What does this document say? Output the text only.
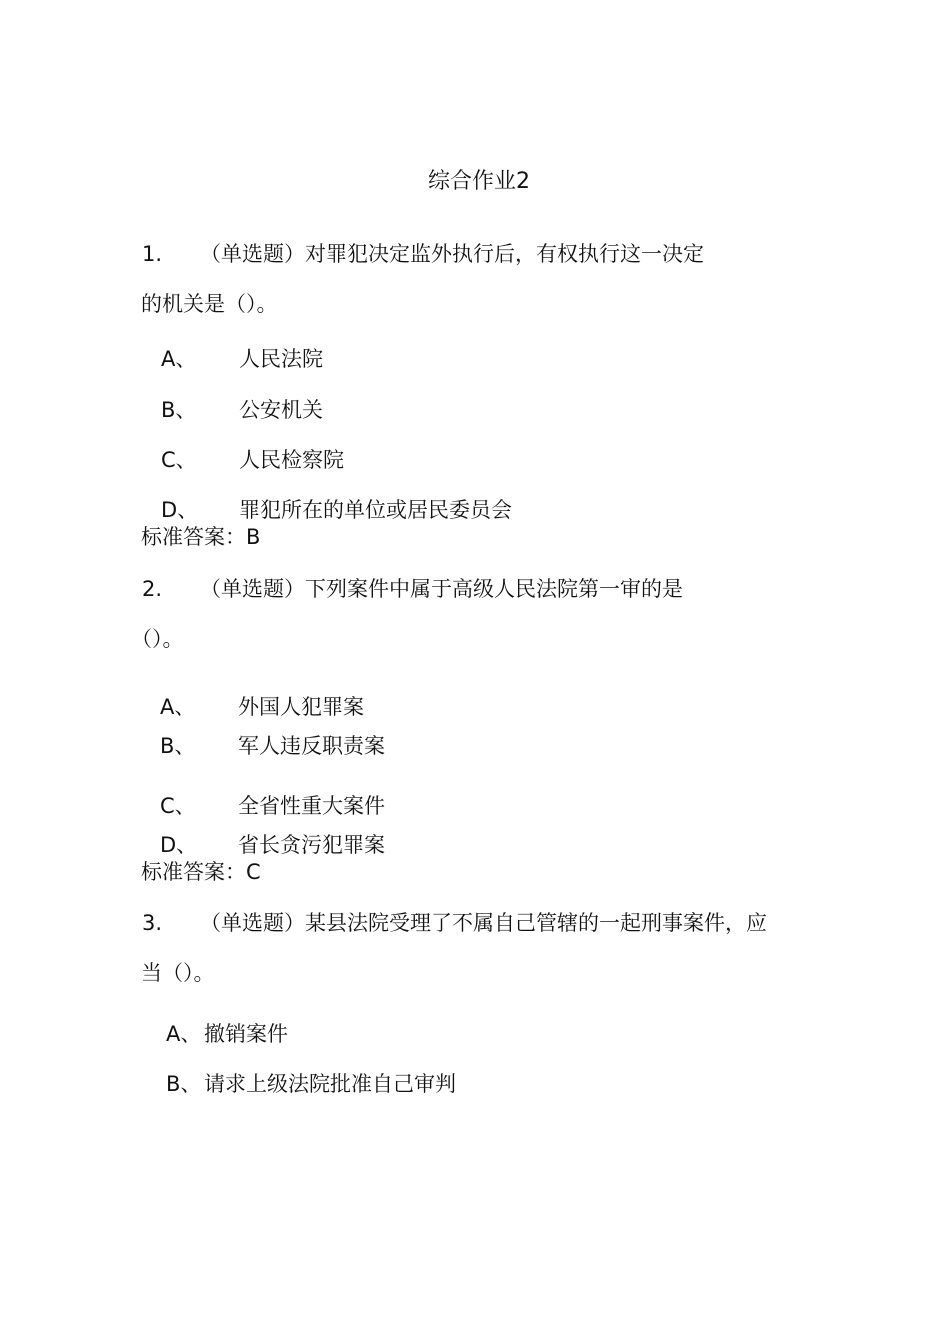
综合作业2
1. （单选题）对罪犯决定监外执行后，有权执行这一决定
的机关是（）。
A、 人民法院
B、 公安机关
C、 人民检察院
D、 罪犯所在的单位或居民委员会
标准答案：B
2. （单选题）下列案件中属于高级人民法院第一审的是
（）。
A、 外国人犯罪案
B、 军人违反职责案
C、 全省性重大案件
D、 省长贪污犯罪案
标准答案：C
3. （单选题）某县法院受理了不属自己管辖的一起刑事案件，应
当（）。
A、 撤销案件
B、 请求上级法院批准自己审判
